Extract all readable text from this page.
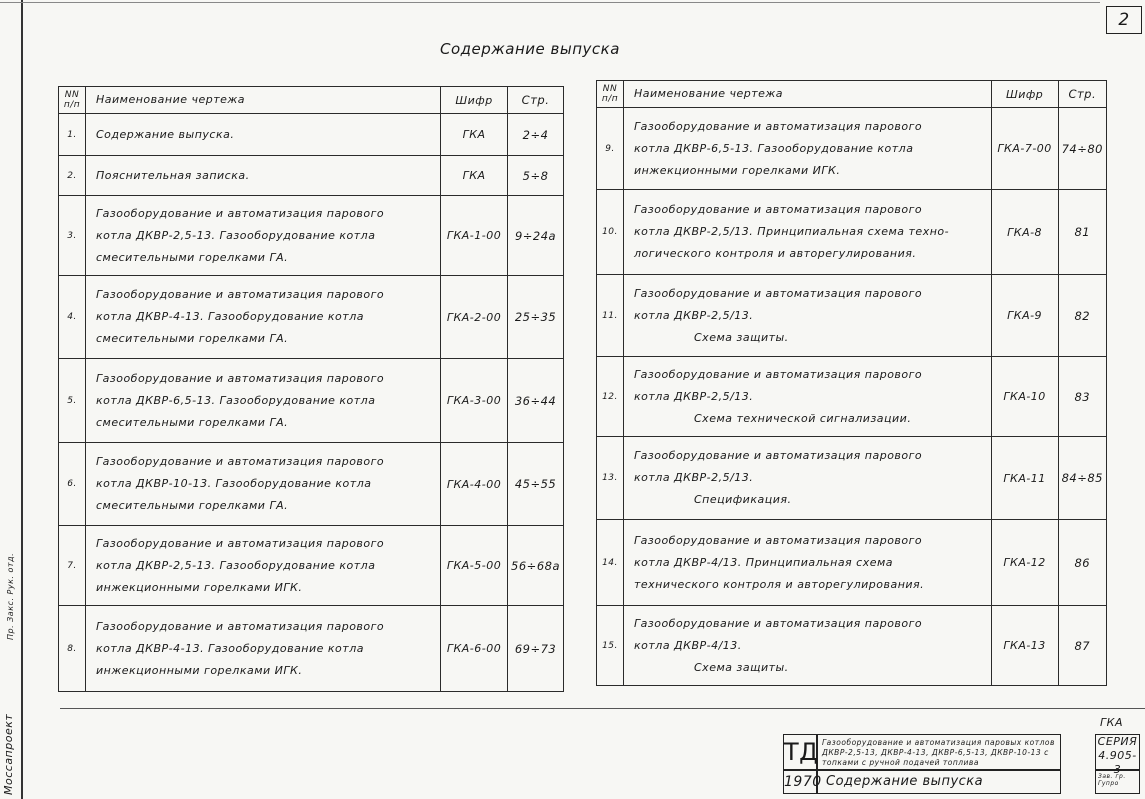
2
Содержание выпуска
Моссапроект
Пр. Закс. Рук. отд.
NN п/п	Наименование чертежа	Шифр	Стр.
1.	Содержание выпуска.	ГКА	2÷4
2.	Пояснительная записка.	ГКА	5÷8
3.	Газооборудование и автоматизация парового
котла ДКВР-2,5-13. Газооборудование котла
смесительными горелками ГА.	ГКА-1-00	9÷24а
4.	Газооборудование и автоматизация парового
котла ДКВР-4-13. Газооборудование котла
смесительными горелками ГА.	ГКА-2-00	25÷35
5.	Газооборудование и автоматизация парового
котла ДКВР-6,5-13. Газооборудование котла
смесительными горелками ГА.	ГКА-3-00	36÷44
6.	Газооборудование и автоматизация парового
котла ДКВР-10-13. Газооборудование котла
смесительными горелками ГА.	ГКА-4-00	45÷55
7.	Газооборудование и автоматизация парового
котла ДКВР-2,5-13. Газооборудование котла
инжекционными горелками ИГК.	ГКА-5-00	56÷68а
8.	Газооборудование и автоматизация парового
котла ДКВР-4-13. Газооборудование котла
инжекционными горелками ИГК.	ГКА-6-00	69÷73
NN п/п	Наименование чертежа	Шифр	Стр.
9.	Газооборудование и автоматизация парового
котла ДКВР-6,5-13. Газооборудование котла
инжекционными горелками ИГК.	ГКА-7-00	74÷80
10.	Газооборудование и автоматизация парового
котла ДКВР-2,5/13. Принципиальная схема техно-
логического контроля и авторегулирования.	ГКА-8	81
11.	Газооборудование и автоматизация парового
котла ДКВР-2,5/13.
Схема защиты.	ГКА-9	82
12.	Газооборудование и автоматизация парового
котла ДКВР-2,5/13.
Схема технической сигнализации.	ГКА-10	83
13.	Газооборудование и автоматизация парового
котла ДКВР-2,5/13.
Спецификация.	ГКА-11	84÷85
14.	Газооборудование и автоматизация парового
котла ДКВР-4/13. Принципиальная схема
технического контроля и авторегулирования.	ГКА-12	86
15.	Газооборудование и автоматизация парового
котла ДКВР-4/13.
Схема защиты.	ГКА-13	87
ГКА
ТД
1970
Газооборудование и автоматизация паровых котлов ДКВР-2,5-13, ДКВР-4-13, ДКВР-6,5-13, ДКВР-10-13 с топками с ручной подачей топлива
Содержание выпуска
СЕРИЯ
4.905-3
Зав. гр. Гупро
